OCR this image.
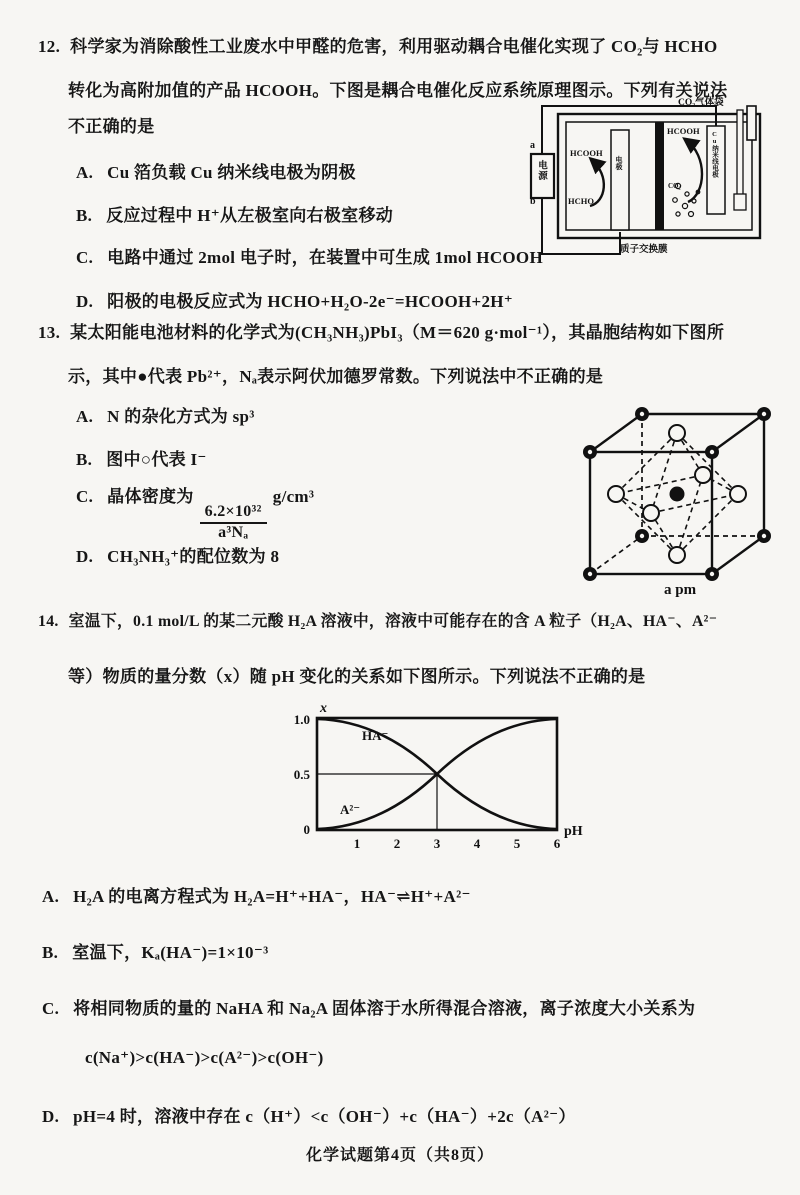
12. 科学家为消除酸性工业废水中甲醛的危害，利用驱动耦合电催化实现了 CO₂与 HCHO
转化为高附加值的产品 HCOOH。下图是耦合电催化反应系统原理图示。下列有关说法
不正确的是
A. Cu 箔负载 Cu 纳米线电极为阴极
B. 反应过程中 H⁺从左极室向右极室移动
C. 电路中通过 2mol 电子时，在装置中可生成 1mol HCOOH
D. 阳极的电极反应式为 HCHO+H₂O-2e⁻=HCOOH+2H⁺
CO₂气体袋
a
b
电源
HCOOH
HCHO
HCOOH
CO₂
电极	Cu纳米线电极
质子交换膜
13. 某太阳能电池材料的化学式为(CH₃NH₃)PbI₃（M＝620 g·mol⁻¹），其晶胞结构如下图所
示，其中●代表 Pb²⁺，Nₐ表示阿伏加德罗常数。下列说法中不正确的是
A. N 的杂化方式为 sp³
B. 图中○代表 I⁻
C. 晶体密度为
$\frac{\text{6.2×10³²}}{\text{a³Nₐ}}$
g/cm³
D. CH₃NH₃⁺的配位数为 8
a pm
14. 室温下，0.1 mol/L 的某二元酸 H₂A 溶液中，溶液中可能存在的含 A 粒子（H₂A、HA⁻、A²⁻
等）物质的量分数（x）随 pH 变化的关系如下图所示。下列说法不正确的是
x
1.0
0.5
0
1	2	3	4	5	6
pH
HA⁻
A²⁻
A. H₂A 的电离方程式为 H₂A=H⁺+HA⁻，HA⁻⇌H⁺+A²⁻
B. 室温下，Kₐ(HA⁻)=1×10⁻³
C. 将相同物质的量的 NaHA 和 Na₂A 固体溶于水所得混合溶液，离子浓度大小关系为
c(Na⁺)>c(HA⁻)>c(A²⁻)>c(OH⁻)
D. pH=4 时，溶液中存在 c（H⁺）<c（OH⁻）+c（HA⁻）+2c（A²⁻）
化学试题第4页（共8页）
